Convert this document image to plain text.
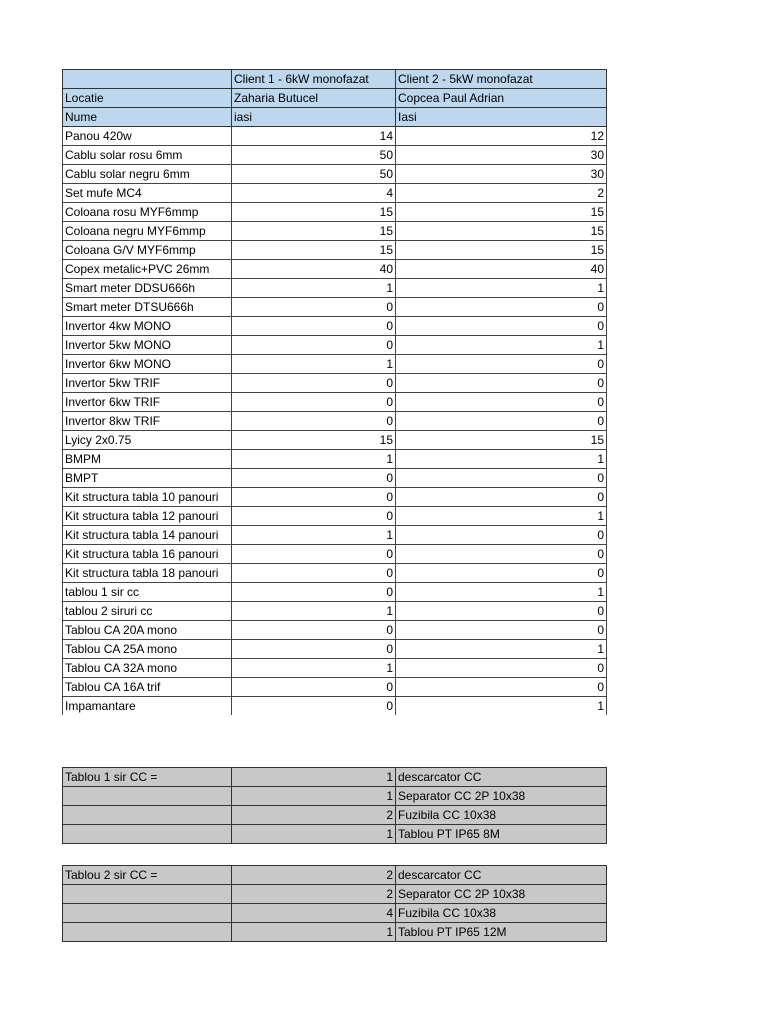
	Client 1 - 6kW monofazat	Client 2 - 5kW monofazat
Locatie	Zaharia Butucel	Copcea Paul Adrian
Nume	iasi	Iasi
Panou 420w	14	12
Cablu solar rosu 6mm	50	30
Cablu solar negru 6mm	50	30
Set mufe MC4	4	2
Coloana rosu MYF6mmp	15	15
Coloana negru MYF6mmp	15	15
Coloana G/V MYF6mmp	15	15
Copex metalic+PVC 26mm	40	40
Smart meter DDSU666h	1	1
Smart meter DTSU666h	0	0
Invertor 4kw MONO	0	0
Invertor 5kw MONO	0	1
Invertor 6kw MONO	1	0
Invertor 5kw TRIF	0	0
Invertor 6kw TRIF	0	0
Invertor 8kw TRIF	0	0
Lyicy 2x0.75	15	15
BMPM	1	1
BMPT	0	0
Kit structura tabla 10 panouri	0	0
Kit structura tabla 12 panouri	0	1
Kit structura tabla 14 panouri	1	0
Kit structura tabla 16 panouri	0	0
Kit structura tabla 18 panouri	0	0
tablou 1 sir cc	0	1
tablou 2 siruri cc	1	0
Tablou CA 20A mono	0	0
Tablou CA 25A mono	0	1
Tablou CA 32A mono	1	0
Tablou CA 16A trif	0	0
Impamantare	0	1
Tablou 1 sir CC =	1	descarcator CC
	1	Separator CC 2P 10x38
	2	Fuzibila CC 10x38
	1	Tablou PT IP65 8M
Tablou 2 sir CC =	2	descarcator CC
	2	Separator CC 2P 10x38
	4	Fuzibila CC 10x38
	1	Tablou PT IP65 12M
